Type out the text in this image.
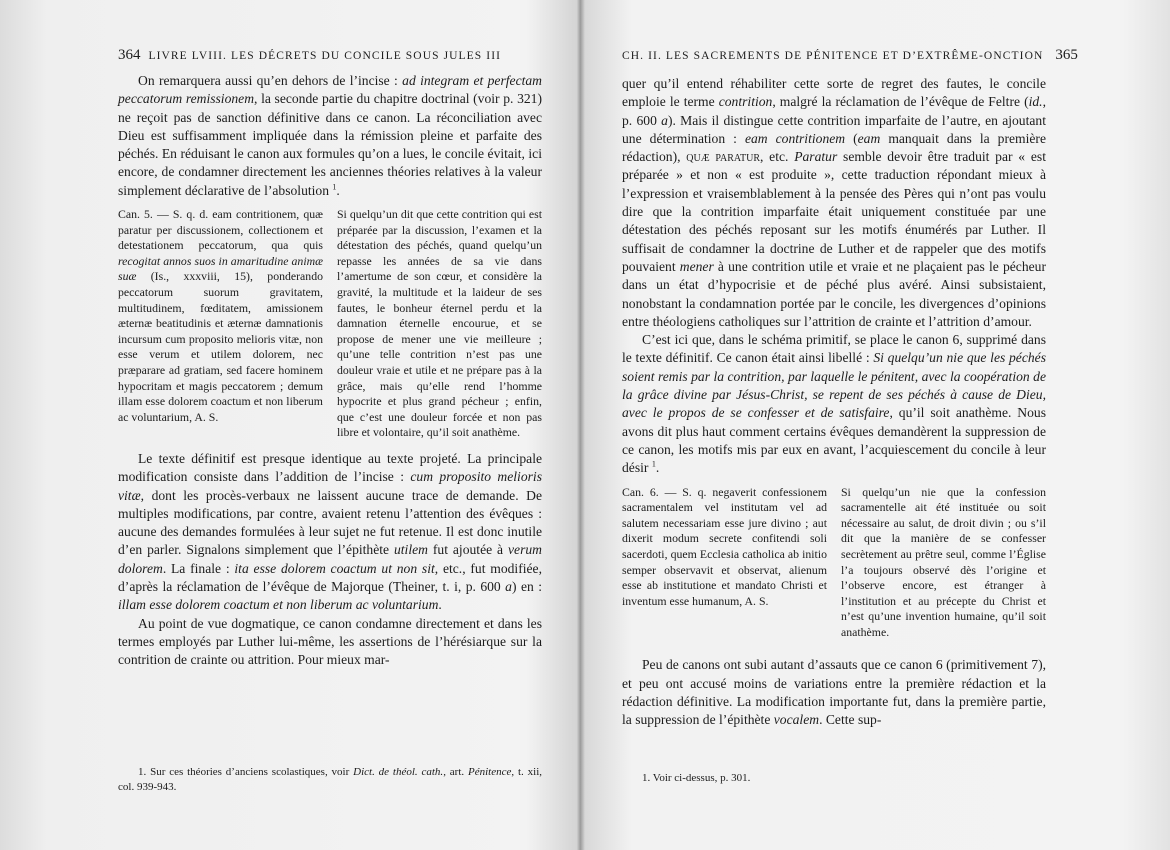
364 LIVRE LVIII. LES DÉCRETS DU CONCILE SOUS JULES III

On remarquera aussi qu’en dehors de l’incise : ad integram et perfectam peccatorum remissionem, la seconde partie du chapitre doctrinal (voir p. 321) ne reçoit pas de sanction définitive dans ce canon. La réconciliation avec Dieu est suffisamment impliquée dans la rémission pleine et parfaite des péchés. En réduisant le canon aux formules qu’on a lues, le concile évitait, ici encore, de condamner directement les anciennes théories relatives à la valeur simplement déclarative de l’absolution $^1$.

Can. 5. — S. q. d. eam contritionem, quæ paratur per discussionem, collectionem et detestationem peccatorum, qua quis recogitat annos suos in amaritudine animæ suæ (Is., xxxviii, 15), ponderando peccatorum suorum gravitatem, multitudinem, fœditatem, amissionem æternæ beatitudinis et æternæ damnationis incursum cum proposito melioris vitæ, non esse verum et utilem dolorem, nec præparare ad gratiam, sed facere hominem hypocritam et magis peccatorem ; demum illam esse dolorem coactum et non liberum ac voluntarium, A. S.
Si quelqu’un dit que cette contrition qui est préparée par la discussion, l’examen et la détestation des péchés, quand quelqu’un repasse les années de sa vie dans l’amertume de son cœur, et considère la gravité, la multitude et la laideur de ses fautes, le bonheur éternel perdu et la damnation éternelle encourue, et se propose de mener une vie meilleure ; qu’une telle contrition n’est pas une douleur vraie et utile et ne prépare pas à la grâce, mais qu’elle rend l’homme hypocrite et plus grand pécheur ; enfin, que c’est une douleur forcée et non pas libre et volontaire, qu’il soit anathème.

Le texte définitif est presque identique au texte projeté. La principale modification consiste dans l’addition de l’incise : cum proposito melioris vitæ, dont les procès-verbaux ne laissent aucune trace de demande. De multiples modifications, par contre, avaient retenu l’attention des évêques : aucune des demandes formulées à leur sujet ne fut retenue. Il est donc inutile d’en parler. Signalons simplement que l’épithète utilem fut ajoutée à verum dolorem. La finale : ita esse dolorem coactum ut non sit, etc., fut modifiée, d’après la réclamation de l’évêque de Majorque (Theiner, t. i, p. 600 a) en : illam esse dolorem coactum et non liberum ac voluntarium.

Au point de vue dogmatique, ce canon condamne directement et dans les termes employés par Luther lui-même, les assertions de l’hérésiarque sur la contrition de crainte ou attrition. Pour mieux mar-

1. Sur ces théories d’anciens scolastiques, voir Dict. de théol. cath., art. Pénitence, t. xii, col. 939-943.

CH. II. LES SACREMENTS DE PÉNITENCE ET D’EXTRÊME-ONCTION 365

quer qu’il entend réhabiliter cette sorte de regret des fautes, le concile emploie le terme contrition, malgré la réclamation de l’évêque de Feltre (id., p. 600 a). Mais il distingue cette contrition imparfaite de l’autre, en ajoutant une détermination : eam contritionem (eam manquait dans la première rédaction), quæ paratur, etc. Paratur semble devoir être traduit par « est préparée » et non « est produite », cette traduction répondant mieux à l’expression et vraisemblablement à la pensée des Pères qui n’ont pas voulu dire que la contrition imparfaite était uniquement constituée par une détestation des péchés reposant sur les motifs énumérés par Luther. Il suffisait de condamner la doctrine de Luther et de rappeler que des motifs pouvaient mener à une contrition utile et vraie et ne plaçaient pas le pécheur dans un état d’hypocrisie et de péché plus avéré. Ainsi subsistaient, nonobstant la condamnation portée par le concile, les divergences d’opinions entre théologiens catholiques sur l’attrition de crainte et l’attrition d’amour.

C’est ici que, dans le schéma primitif, se place le canon 6, supprimé dans le texte définitif. Ce canon était ainsi libellé : Si quelqu’un nie que les péchés soient remis par la contrition, par laquelle le pénitent, avec la coopération de la grâce divine par Jésus-Christ, se repent de ses péchés à cause de Dieu, avec le propos de se confesser et de satisfaire, qu’il soit anathème. Nous avons dit plus haut comment certains évêques demandèrent la suppression de ce canon, les motifs mis par eux en avant, l’acquiescement du concile à leur désir $^1$.

Can. 6. — S. q. negaverit confessionem sacramentalem vel institutam vel ad salutem necessariam esse jure divino ; aut dixerit modum secrete confitendi soli sacerdoti, quem Ecclesia catholica ab initio semper observavit et observat, alienum esse ab institutione et mandato Christi et inventum esse humanum, A. S.
Si quelqu’un nie que la confession sacramentelle ait été instituée ou soit nécessaire au salut, de droit divin ; ou s’il dit que la manière de se confesser secrètement au prêtre seul, comme l’Église l’a toujours observé dès l’origine et l’observe encore, est étranger à l’institution et au précepte du Christ et n’est qu’une invention humaine, qu’il soit anathème.

Peu de canons ont subi autant d’assauts que ce canon 6 (primitivement 7), et peu ont accusé moins de variations entre la première rédaction et la rédaction définitive. La modification importante fut, dans la première partie, la suppression de l’épithète vocalem. Cette sup-

1. Voir ci-dessus, p. 301.
